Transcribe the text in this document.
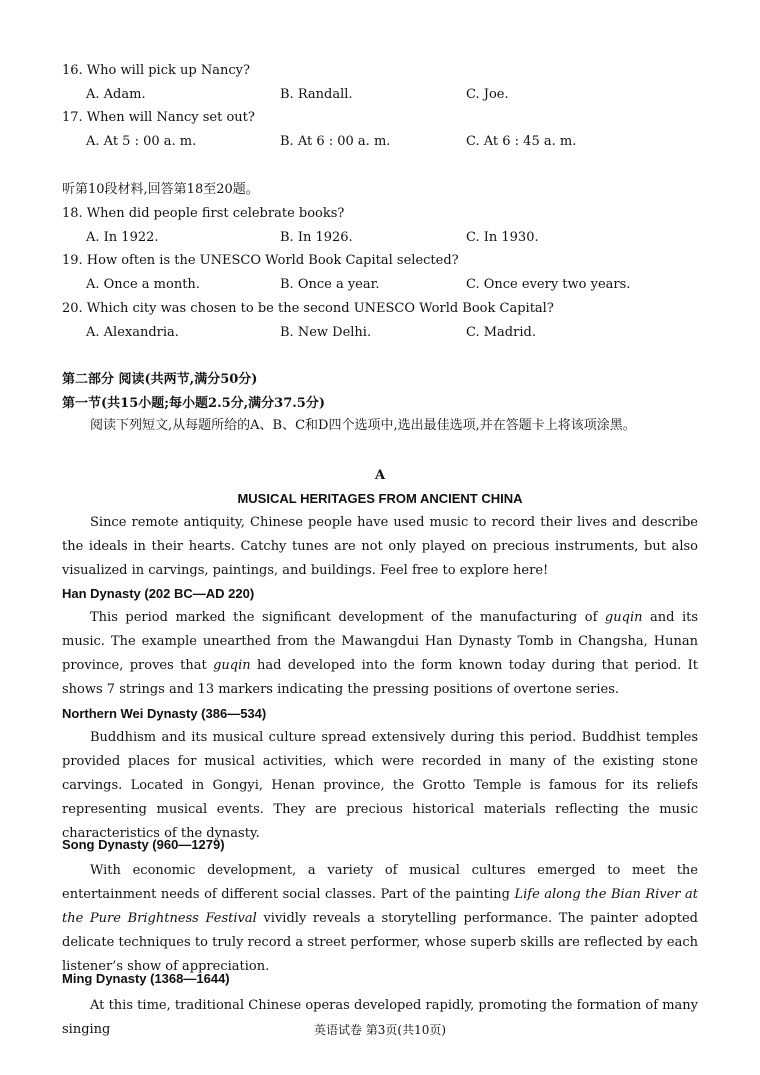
16. Who will pick up Nancy?
A. Adam.	B. Randall.	C. Joe.
17. When will Nancy set out?
A. At 5 : 00 a. m.	B. At 6 : 00 a. m.	C. At 6 : 45 a. m.
听第10段材料,回答第18至20题。
18. When did people first celebrate books?
A. In 1922.	B. In 1926.	C. In 1930.
19. How often is the UNESCO World Book Capital selected?
A. Once a month.	B. Once a year.	C. Once every two years.
20. Which city was chosen to be the second UNESCO World Book Capital?
A. Alexandria.	B. New Delhi.	C. Madrid.
第二部分 阅读(共两节,满分50分)
第一节(共15小题;每小题2.5分,满分37.5分)

阅读下列短文,从每题所给的A、B、C和D四个选项中,选出最佳选项,并在答题卡上将该项涂黑。

A
MUSICAL HERITAGES FROM ANCIENT CHINA

Since remote antiquity, Chinese people have used music to record their lives and describe the ideals in their hearts. Catchy tunes are not only played on precious instruments, but also visualized in carvings, paintings, and buildings. Feel free to explore here!

Han Dynasty (202 BC—AD 220)

This period marked the significant development of the manufacturing of guqin and its music. The example unearthed from the Mawangdui Han Dynasty Tomb in Changsha, Hunan province, proves that guqin had developed into the form known today during that period. It shows 7 strings and 13 markers indicating the pressing positions of overtone series.

Northern Wei Dynasty (386—534)

Buddhism and its musical culture spread extensively during this period. Buddhist temples provided places for musical activities, which were recorded in many of the existing stone carvings. Located in Gongyi, Henan province, the Grotto Temple is famous for its reliefs representing musical events. They are precious historical materials reflecting the music characteristics of the dynasty.

Song Dynasty (960—1279)

With economic development, a variety of musical cultures emerged to meet the entertainment needs of different social classes. Part of the painting Life along the Bian River at the Pure Brightness Festival vividly reveals a storytelling performance. The painter adopted delicate techniques to truly record a street performer, whose superb skills are reflected by each listener’s show of appreciation.

Ming Dynasty (1368—1644)

At this time, traditional Chinese operas developed rapidly, promoting the formation of many singing	英语试卷 第3页(共10页)
